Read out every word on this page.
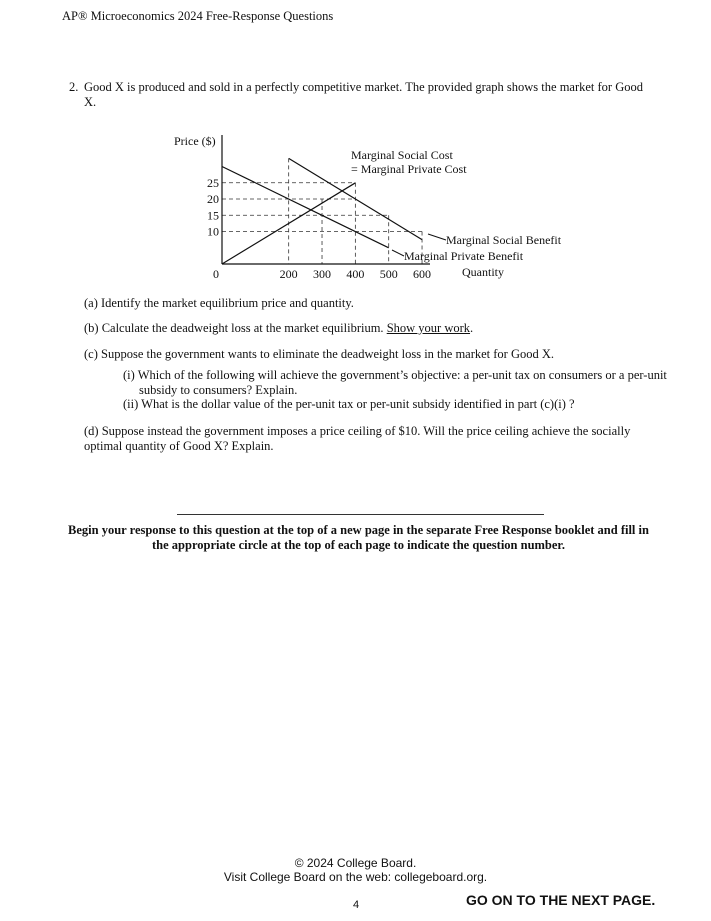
AP® Microeconomics 2024 Free-Response Questions
2. Good X is produced and sold in a perfectly competitive market. The provided graph shows the market for Good X.
Price ($)
Quantity
0
Marginal Social Cost
= Marginal Private Cost
Marginal Social Benefit
Marginal Private Benefit
200 300 400 500 600
10
15
20
25
(a) Identify the market equilibrium price and quantity.
(b) Calculate the deadweight loss at the market equilibrium. Show your work.
(c) Suppose the government wants to eliminate the deadweight loss in the market for Good X.
(i) Which of the following will achieve the government’s objective: a per-unit tax on consumers or a per-unit subsidy to consumers? Explain.
(ii) What is the dollar value of the per-unit tax or per-unit subsidy identified in part (c)(i) ?
(d) Suppose instead the government imposes a price ceiling of $10. Will the price ceiling achieve the socially optimal quantity of Good X? Explain.
Begin your response to this question at the top of a new page in the separate Free Response booklet and fill in the appropriate circle at the top of each page to indicate the question number.
© 2024 College Board.
Visit College Board on the web: collegeboard.org.
4	GO ON TO THE NEXT PAGE.
